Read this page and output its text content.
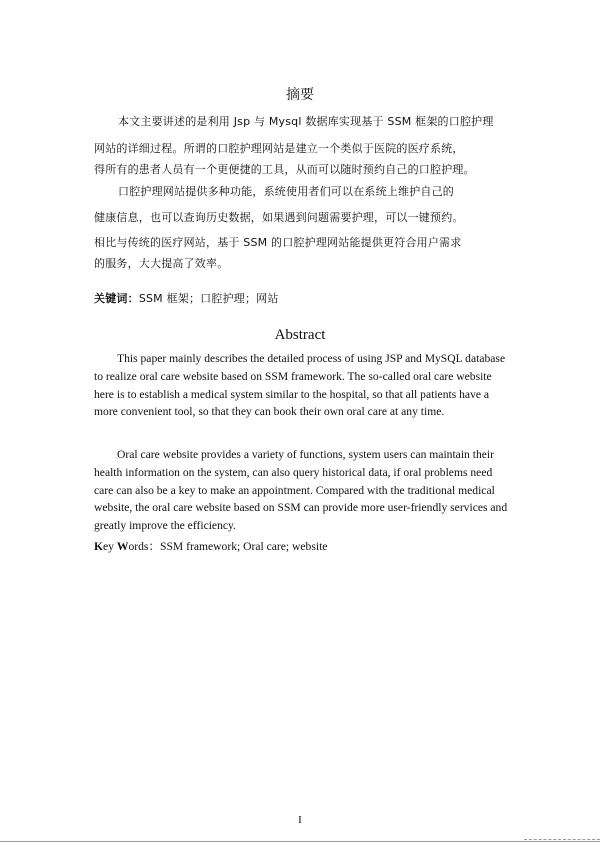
摘要
本文主要讲述的是利用 Jsp 与 Mysql 数据库实现基于 SSM 框架的口腔护理
网站的详细过程。所谓的口腔护理网站是建立一个类似于医院的医疗系统，
得所有的患者人员有一个更便捷的工具，从而可以随时预约自己的口腔护理。
口腔护理网站提供多种功能，系统使用者们可以在系统上维护自己的
健康信息，也可以查询历史数据，如果遇到问题需要护理，可以一键预约。
相比与传统的医疗网站，基于 SSM 的口腔护理网站能提供更符合用户需求
的服务，大大提高了效率。
关键词：SSM 框架；口腔护理；网站
Abstract
This paper mainly describes the detailed process of using JSP and MySQL database to realize oral care website based on SSM framework. The so-called oral care website here is to establish a medical system similar to the hospital, so that all patients have a more convenient tool, so that they can book their own oral care at any time.
Oral care website provides a variety of functions, system users can maintain their health information on the system, can also query historical data, if oral problems need care can also be a key to make an appointment. Compared with the traditional medical website, the oral care website based on SSM can provide more user-friendly services and greatly improve the efficiency.
Key Words：SSM framework; Oral care; website
I
